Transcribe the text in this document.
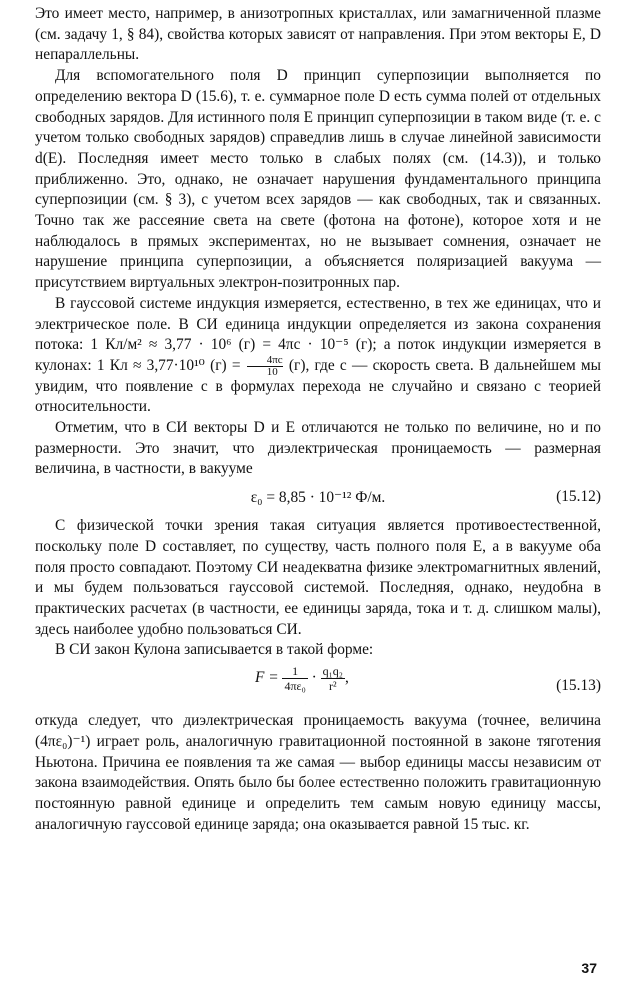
Это имеет место, например, в анизотропных кристаллах, или замагниченной плазме (см. задачу 1, § 84), свойства которых зависят от направления. При этом векторы E, D непараллельны.

Для вспомогательного поля D принцип суперпозиции выполняется по определению вектора D (15.6), т. е. суммарное поле D есть сумма полей от отдельных свободных зарядов. Для истинного поля E принцип суперпозиции в таком виде (т. е. с учетом только свободных зарядов) справедлив лишь в случае линейной зависимости d(E). Последняя имеет место только в слабых полях (см. (14.3)), и только приближенно. Это, однако, не означает нарушения фундаментального принципа суперпозиции (см. § 3), с учетом всех зарядов — как свободных, так и связанных. Точно так же рассеяние света на свете (фотона на фотоне), которое хотя и не наблюдалось в прямых экспериментах, но не вызывает сомнения, означает не нарушение принципа суперпозиции, а объясняется поляризацией вакуума — присутствием виртуальных электрон-позитронных пар.

В гауссовой системе индукция измеряется, естественно, в тех же единицах, что и электрическое поле. В СИ единица индукции определяется из закона сохранения потока: 1 Кл/м² ≈ 3,77 · 10⁶ (г) = 4πc · 10⁻⁵ (г); а поток индукции измеряется в кулонах: 1 Кл ≈ 3,77·10¹⁰ $(г) = \frac{4\pi c}{10} (г)$, где c — скорость света. В дальнейшем мы увидим, что появление c в формулах перехода не случайно и связано с теорией относительности.

Отметим, что в СИ векторы D и E отличаются не только по величине, но и по размерности. Это значит, что диэлектрическая проницаемость — размерная величина, в частности, в вакууме

ε₀ = 8,85 · 10⁻¹² Ф/м.	(15.12)

С физической точки зрения такая ситуация является противоестественной, поскольку поле D составляет, по существу, часть полного поля E, а в вакууме оба поля просто совпадают. Поэтому СИ неадекватна физике электромагнитных явлений, и мы будем пользоваться гауссовой системой. Последняя, однако, неудобна в практических расчетах (в частности, ее единицы заряда, тока и т. д. слишком малы), здесь наиболее удобно пользоваться СИ.

В СИ закон Кулона записывается в такой форме:

$F = \frac{1}{\text{4πε₀}} \cdot \frac{\text{q₁q₂}}{\text{r²}}$ ,	(15.13)

откуда следует, что диэлектрическая проницаемость вакуума (точнее, величина (4πε₀)⁻¹) играет роль, аналогичную гравитационной постоянной в законе тяготения Ньютона. Причина ее появления та же самая — выбор единицы массы независим от закона взаимодействия. Опять было бы более естественно положить гравитационную постоянную равной единице и определить тем самым новую единицу массы, аналогичную гауссовой единице заряда; она оказывается равной 15 тыс. кг.

37
